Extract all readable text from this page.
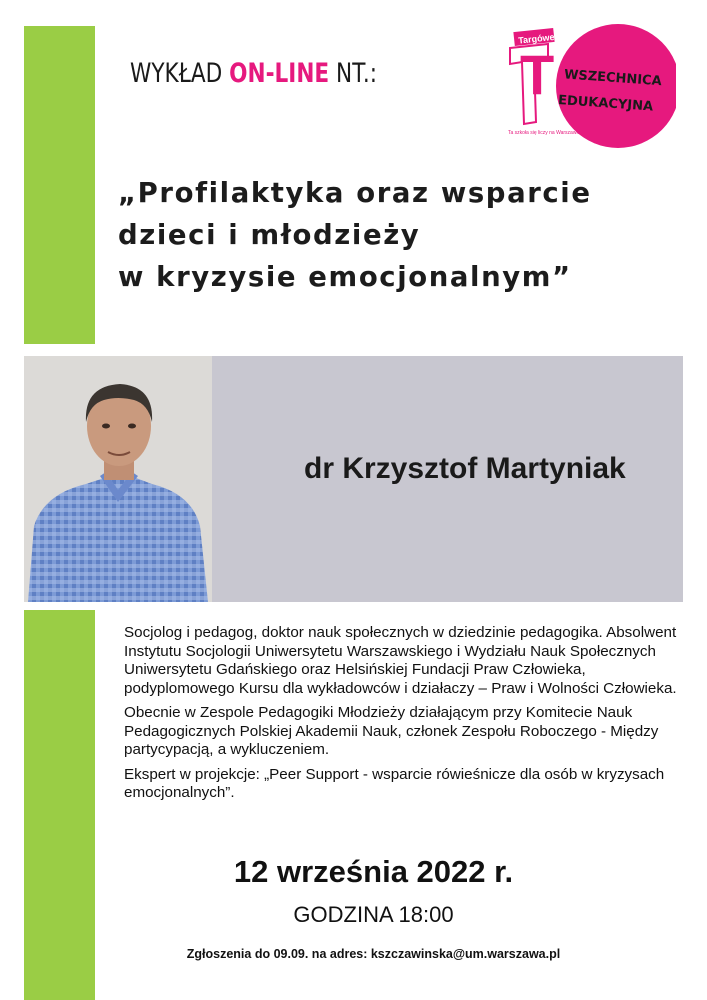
WYKŁAD ON-LINE NT.:
Targówek
T WSZECHNICA
EDUKACYJNA
Ta szkoła się liczy na Warszawie
„Profilaktyka oraz wsparcie
dzieci i młodzieży
w kryzysie emocjonalnym”
dr Krzysztof Martyniak

Socjolog i pedagog, doktor nauk społecznych w dziedzinie pedagogika. Absolwent Instytutu Socjologii Uniwersytetu Warszawskiego i Wydziału Nauk Społecznych Uniwersytetu Gdańskiego oraz Helsińskiej Fundacji Praw Człowieka, podyplomowego Kursu dla wykładowców i działaczy – Praw i Wolności Człowieka.

Obecnie w Zespole Pedagogiki Młodzieży działającym przy Komitecie Nauk Pedagogicznych Polskiej Akademii Nauk, członek Zespołu Roboczego - Między partycypacją, a wykluczeniem.

Ekspert w projekcje: „Peer Support - wsparcie rówieśnicze dla osób w kryzysach emocjonalnych”.

12 września 2022 r.
GODZINA 18:00
Zgłoszenia do 09.09. na adres: kszczawinska@um.warszawa.pl
